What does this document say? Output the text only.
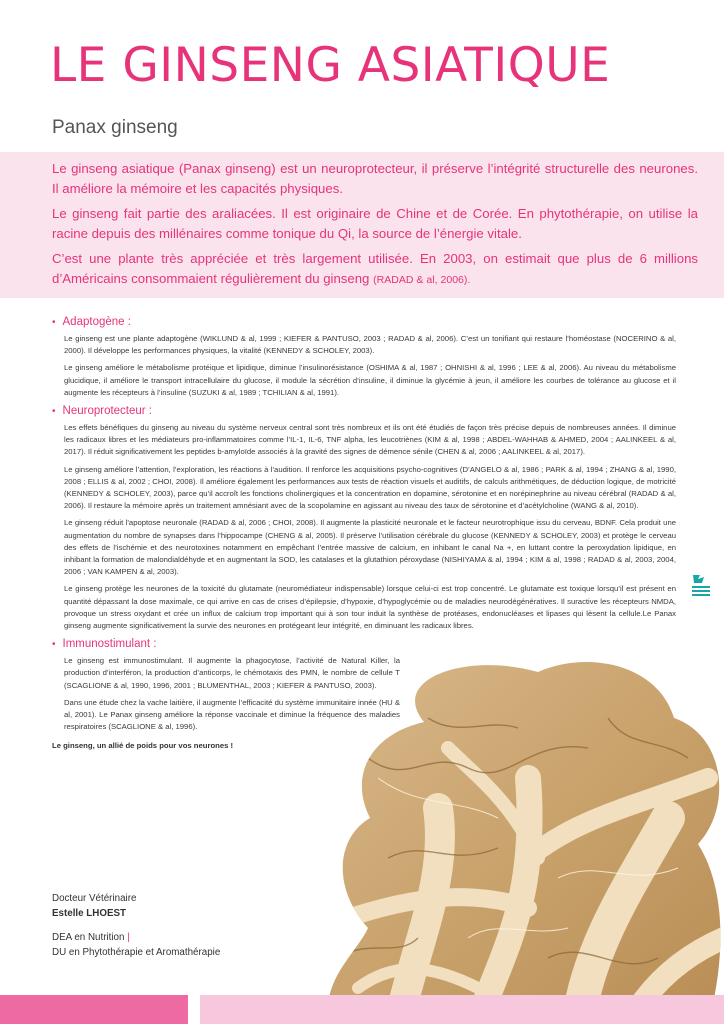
LE GINSENG ASIATIQUE
Panax ginseng

Le ginseng asiatique (Panax ginseng) est un neuroprotecteur, il préserve l’intégrité structurelle des neurones. Il améliore la mémoire et les capacités physiques.

Le ginseng fait partie des araliacées. Il est originaire de Chine et de Corée. En phytothérapie, on utilise la racine depuis des millénaires comme tonique du Qi, la source de l’énergie vitale.

C’est une plante très appréciée et très largement utilisée. En 2003, on estimait que plus de 6 millions d’Américains consommaient régulièrement du ginseng (RADAD & al, 2006).

• Adaptogène :

Le ginseng est une plante adaptogène (WIKLUND & al, 1999 ; KIEFER & PANTUSO, 2003 ; RADAD & al, 2006). C’est un tonifiant qui restaure l’homéostase (NOCERINO & al, 2000). Il développe les performances physiques, la vitalité (KENNEDY & SCHOLEY, 2003).

Le ginseng améliore le métabolisme protéique et lipidique, diminue l’insulinorésistance (OSHIMA & al, 1987 ; OHNISHI & al, 1996 ; LEE & al, 2006). Au niveau du métabolisme glucidique, il améliore le transport intracellulaire du glucose, il module la sécrétion d’insuline, il diminue la glycémie à jeun, il améliore les courbes de tolérance au glucose et il augmente les récepteurs à l’insuline (SUZUKI & al, 1989 ; TCHILIAN & al, 1991).

• Neuroprotecteur :

Les effets bénéfiques du ginseng au niveau du système nerveux central sont très nombreux et ils ont été étudiés de façon très précise depuis de nombreuses années. Il diminue les radicaux libres et les médiateurs pro-inflammatoires comme l’IL-1, IL-6, TNF alpha, les leucotriènes (KIM & al, 1998 ; ABDEL-WAHHAB & AHMED, 2004 ; AALINKEEL & al, 2017). Il réduit significativement les peptides b-amyloïde associés à la gravité des signes de démence sénile (CHEN & al, 2006 ; AALINKEEL & al, 2017).

Le ginseng améliore l’attention, l’exploration, les réactions à l’audition. Il renforce les acquisitions psycho-cognitives (D’ANGELO & al, 1986 ; PARK & al, 1994 ; ZHANG & al, 1990, 2008 ; ELLIS & al, 2002 ; CHOI, 2008). Il améliore également les performances aux tests de réaction visuels et auditifs, de calculs arithmétiques, de déduction logique, de motricité (KENNEDY & SCHOLEY, 2003), parce qu’il accroît les fonctions cholinergiques et la concentration en dopamine, sérotonine et en norépinephrine au niveau cérébral (RADAD & al, 2006). Il restaure la mémoire après un traitement amnésiant avec de la scopolamine en agissant au niveau des taux de sérotonine et d’acétylcholine (WANG & al, 2010).

Le ginseng réduit l’apoptose neuronale (RADAD & al, 2006 ; CHOI, 2008). Il augmente la plasticité neuronale et le facteur neurotrophique issu du cerveau, BDNF. Cela produit une augmentation du nombre de synapses dans l’hippocampe (CHENG & al, 2005). Il préserve l’utilisation cérébrale du glucose (KENNEDY & SCHOLEY, 2003) et protège le cerveau des effets de l’ischémie et des neurotoxines notamment en empêchant l’entrée massive de calcium, en inhibant le canal Na +, en luttant contre la peroxydation lipidique, en inhibant la formation de malondialdéhyde et en augmentant la SOD, les catalases et la glutathion péroxydase (NISHIYAMA & al, 1994 ; KIM & al, 1998 ; RADAD & al, 2003, 2004, 2006 ; VAN KAMPEN & al, 2003).

Le ginseng protège les neurones de la toxicité du glutamate (neuromédiateur indispensable) lorsque celui-ci est trop concentré. Le glutamate est toxique lorsqu’il est présent en quantité dépassant la dose maximale, ce qui arrive en cas de crises d’épilepsie, d’hypoxie, d’hypoglycémie ou de maladies neurodégénératives. Il suractive les récepteurs NMDA, provoque un stress oxydant et crée un influx de calcium trop important qui à son tour induit la synthèse de protéases, endonucléases et lipases qui lèsent la cellule.Le Panax ginseng augmente significativement la survie des neurones en protégeant leur intégrité, en diminuant les radicaux libres.

• Immunostimulant :

Le ginseng est immunostimulant. Il augmente la phagocytose, l’activité de Natural Killer, la production d’interféron, la production d’anticorps, le chémotaxis des PMN, le nombre de cellule T (SCAGLIONE & al, 1990, 1996, 2001 ; BLUMENTHAL, 2003 ; KIEFER & PANTUSO, 2003).

Dans une étude chez la vache laitière, il augmente l’efficacité du système immunitaire innée (HU & al, 2001). Le Panax ginseng améliore la réponse vaccinale et diminue la fréquence des maladies respiratoires (SCAGLIONE & al, 1996).

Le ginseng, un allié de poids pour vos neurones !

Docteur Vétérinaire
Estelle LHOEST
DEA en Nutrition |
DU en Phytothérapie et Aromathérapie
